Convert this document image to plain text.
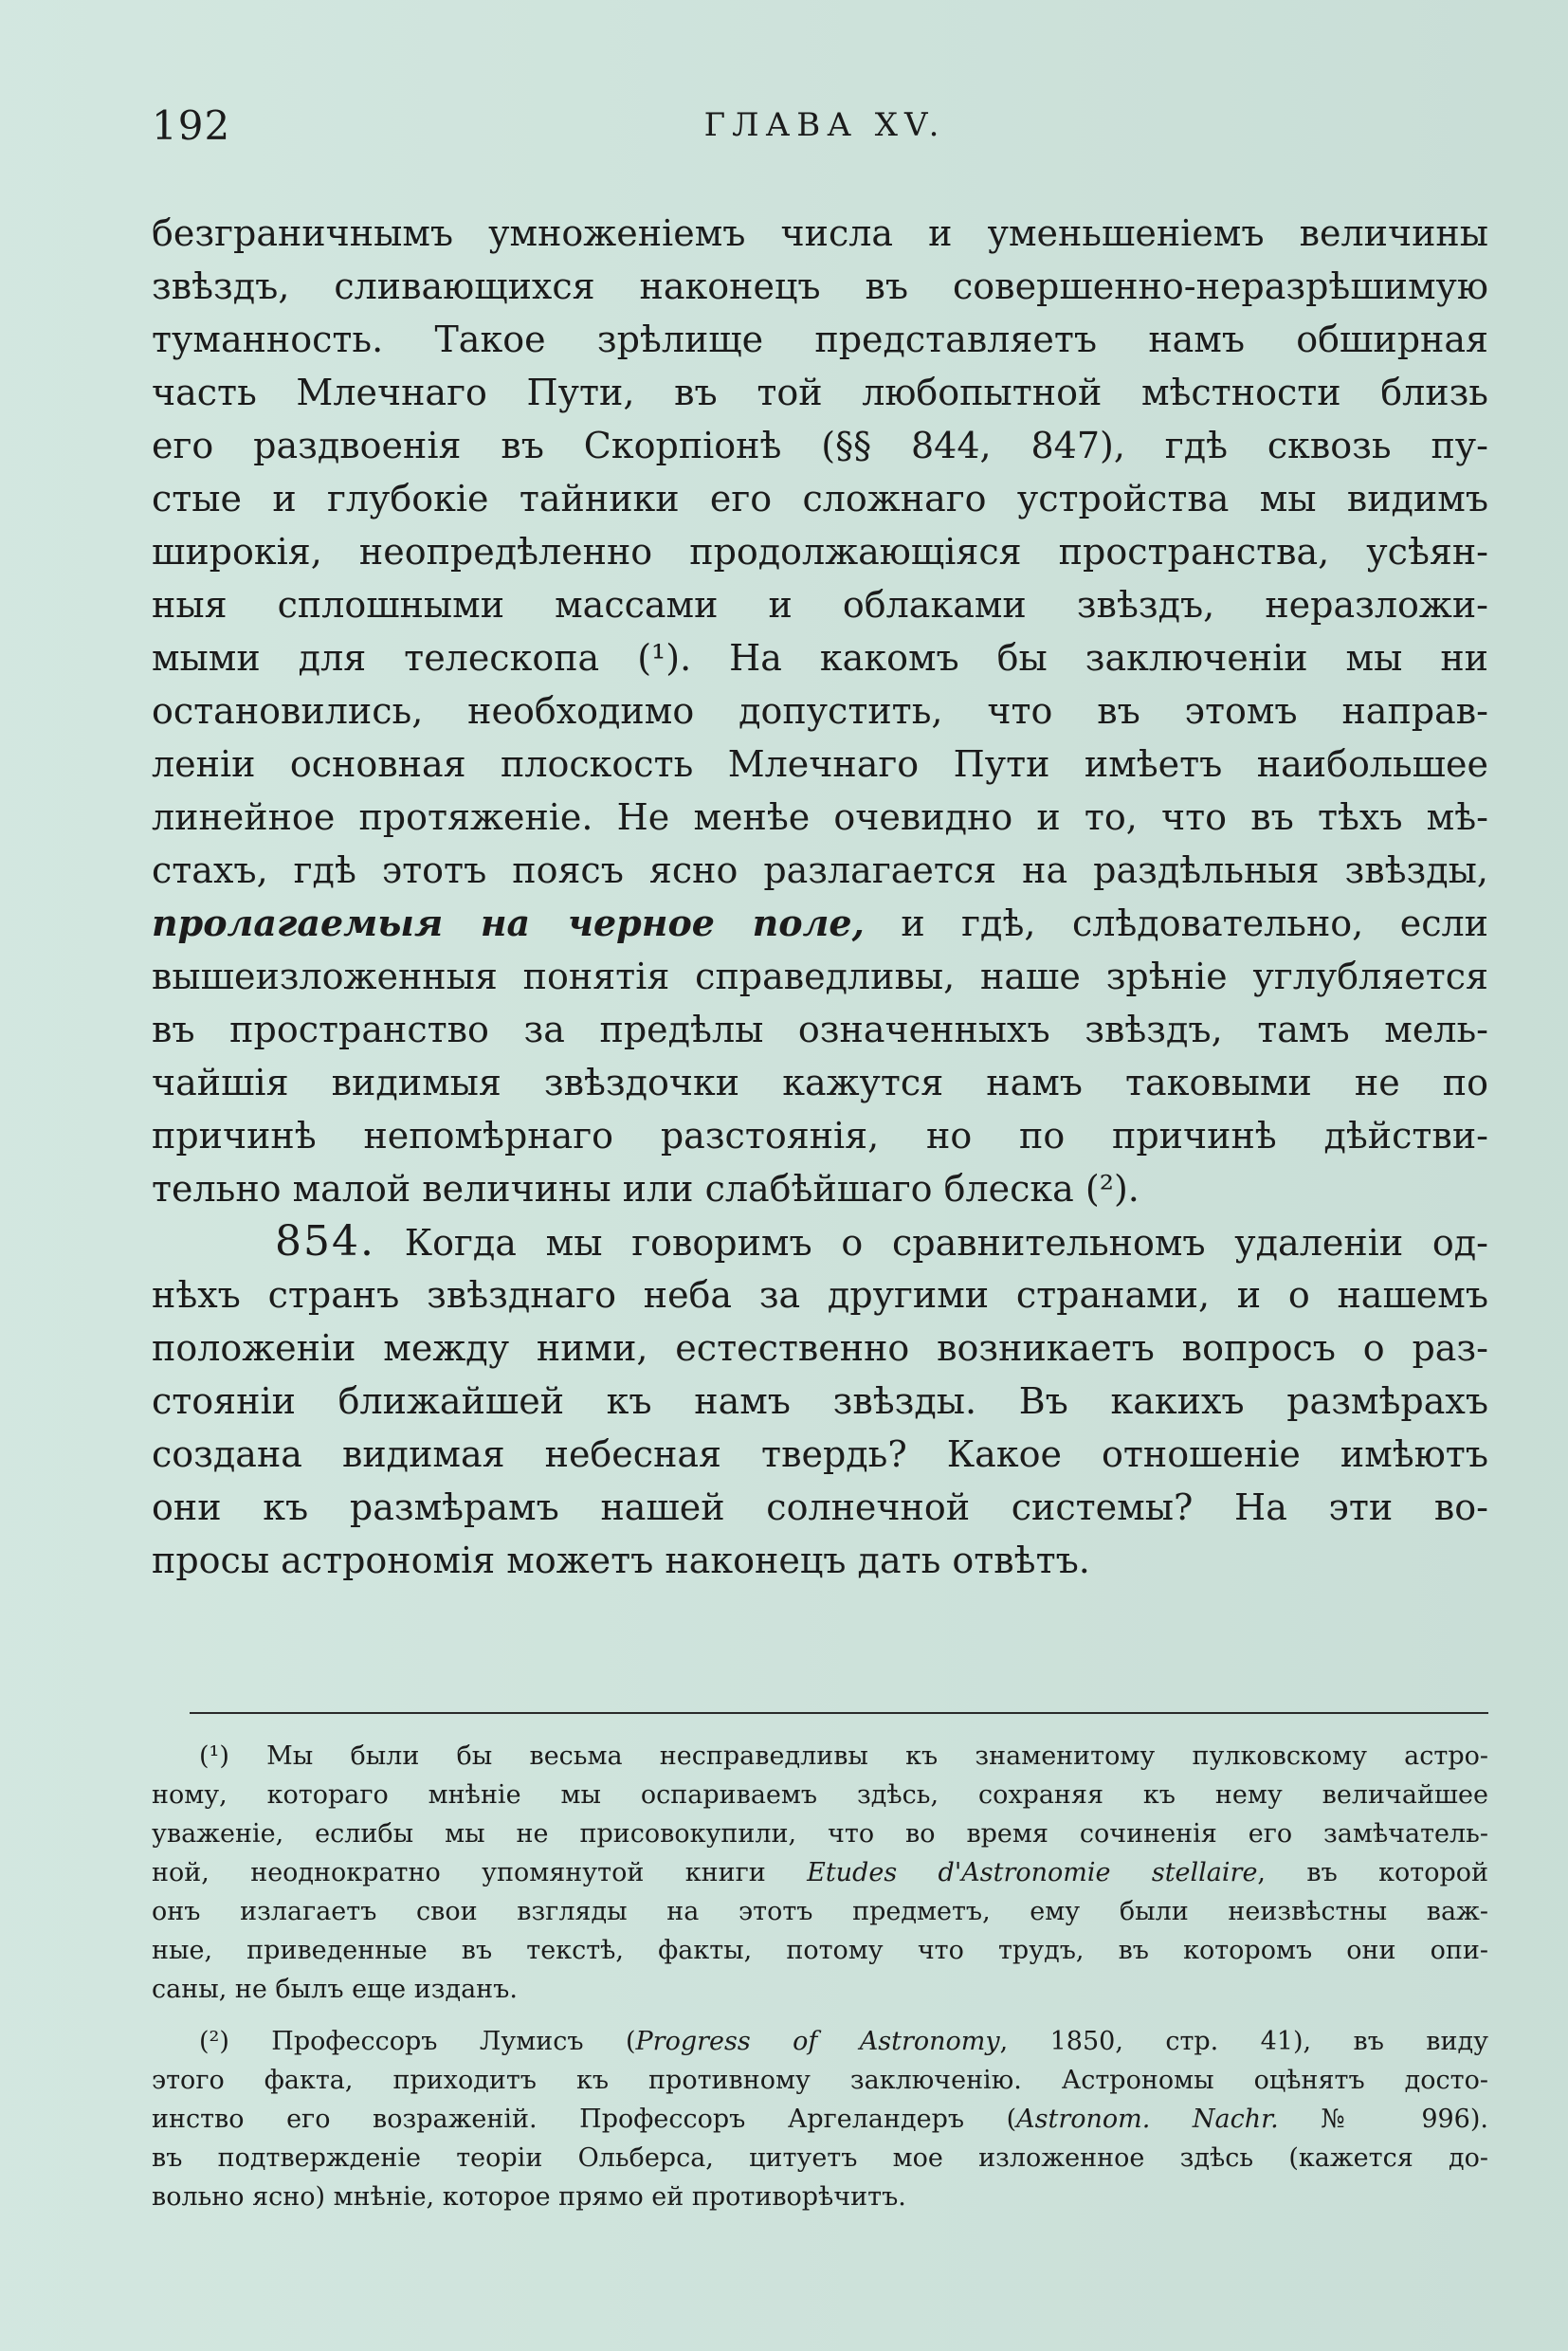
192	ГЛАВА XV.
безграничнымъ умноженіемъ числа и уменьшеніемъ величины
звѣздъ, сливающихся наконецъ въ совершенно-неразрѣшимую
туманность. Такое зрѣлище представляетъ намъ обширная
часть Млечнаго Пути, въ той любопытной мѣстности близь
его раздвоенія въ Скорпіонѣ (§§ 844, 847), гдѣ сквозь пу-
стые и глубокіе тайники его сложнаго устройства мы видимъ
широкія, неопредѣленно продолжающіяся пространства, усѣян-
ныя сплошными массами и облаками звѣздъ, неразложи-
мыми для телескопа (¹). На какомъ бы заключеніи мы ни
остановились, необходимо допустить, что въ этомъ направ-
леніи основная плоскость Млечнаго Пути имѣетъ наибольшее
линейное протяженіе. Не менѣе очевидно и то, что въ тѣхъ мѣ-
стахъ, гдѣ этотъ поясъ ясно разлагается на раздѣльныя звѣзды,
пролагаемыя на черное поле, и гдѣ, слѣдовательно, если
вышеизложенныя понятія справедливы, наше зрѣніе углубляется
въ пространство за предѣлы означенныхъ звѣздъ, тамъ мель-
чайшія видимыя звѣздочки кажутся намъ таковыми не по
причинѣ непомѣрнаго разстоянія, но по причинѣ дѣйстви-
тельно малой величины или слабѣйшаго блеска (²).
854. Когда мы говоримъ о сравнительномъ удаленіи од-
нѣхъ странъ звѣзднаго неба за другими странами, и о нашемъ
положеніи между ними, естественно возникаетъ вопросъ о раз-
стояніи ближайшей къ намъ звѣзды. Въ какихъ размѣрахъ
создана видимая небесная твердь? Какое отношеніе имѣютъ
они къ размѣрамъ нашей солнечной системы? На эти во-
просы астрономія можетъ наконецъ дать отвѣтъ.
(¹) Мы были бы весьма несправедливы къ знаменитому пулковскому астро-
ному, котораго мнѣніе мы оспариваемъ здѣсь, сохраняя къ нему величайшее
уваженіе, еслибы мы не присовокупили, что во время сочиненія его замѣчатель-
ной, неоднократно упомянутой книги Etudes d'Astronomie stellaire, въ которой
онъ излагаетъ свои взгляды на этотъ предметъ, ему были неизвѣстны важ-
ные, приведенные въ текстѣ, факты, потому что трудъ, въ которомъ они опи-
саны, не былъ еще изданъ.
(²) Профессоръ Лумисъ (Progress of Astronomy, 1850, стр. 41), въ виду
этого факта, приходитъ къ противному заключенію. Астрономы оцѣнятъ досто-
инство его возраженій. Профессоръ Аргеландеръ (Astronom. Nachr. № 996).
въ подтвержденіе теоріи Ольберса, цитуетъ мое изложенное здѣсь (кажется до-
вольно ясно) мнѣніе, которое прямо ей противорѣчитъ.
